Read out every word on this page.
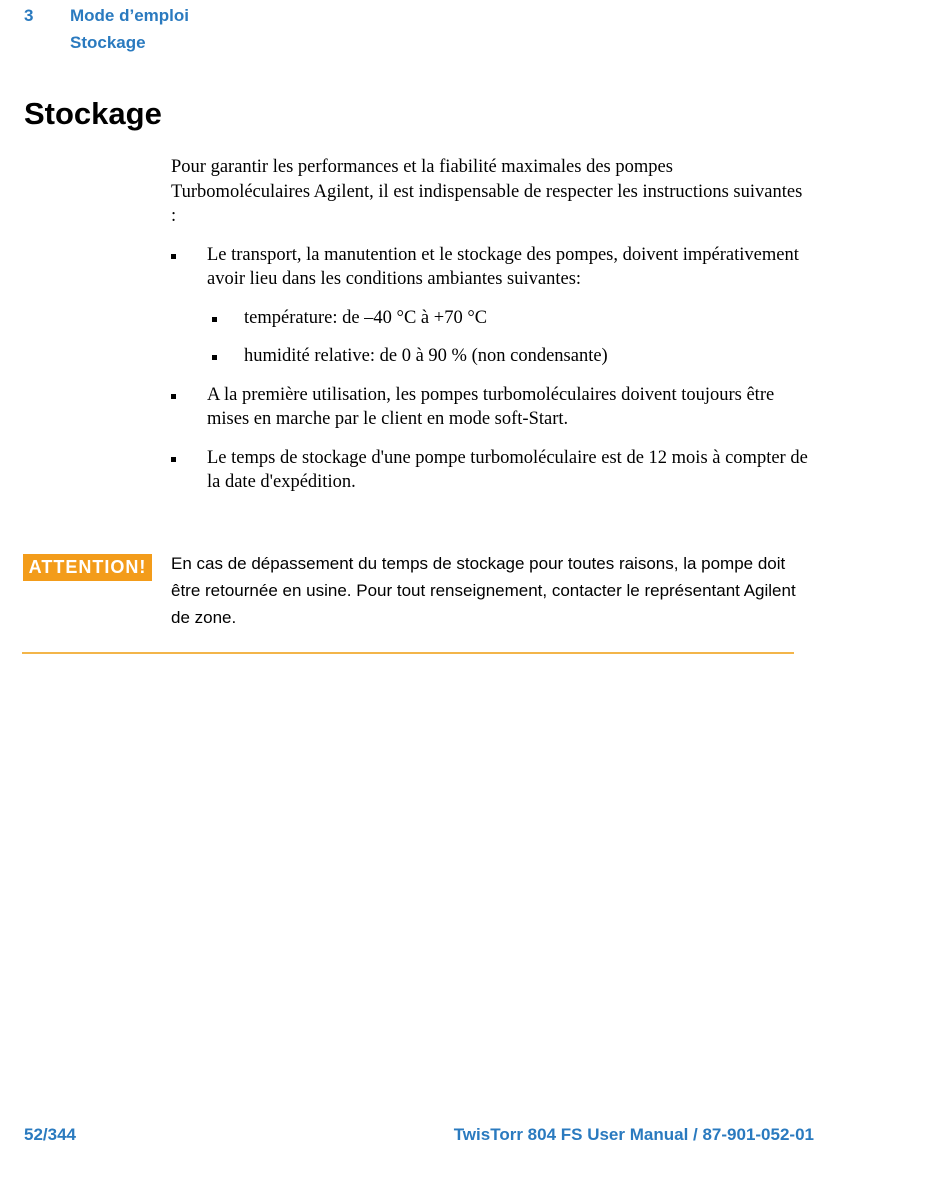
3	Mode d’emploi
Stockage
Stockage

Pour garantir les performances et la fiabilité maximales des pompes Turbomoléculaires Agilent, il est indispensable de respecter les instructions suivantes :

Le transport, la manutention et le stockage des pompes, doivent impérativement avoir lieu dans les conditions ambiantes suivantes:
température: de –40 °C à +70 °C
humidité relative: de 0 à 90 % (non condensante)
A la première utilisation, les pompes turbomoléculaires doivent toujours être mises en marche par le client en mode soft-Start.
Le temps de stockage d'une pompe turbomoléculaire est de 12 mois à compter de la date d'expédition.
ATTENTION!	En cas de dépassement du temps de stockage pour toutes raisons, la pompe doit être retournée en usine. Pour tout renseignement, contacter le représentant Agilent de zone.
52/344	TwisTorr 804 FS User Manual / 87-901-052-01
